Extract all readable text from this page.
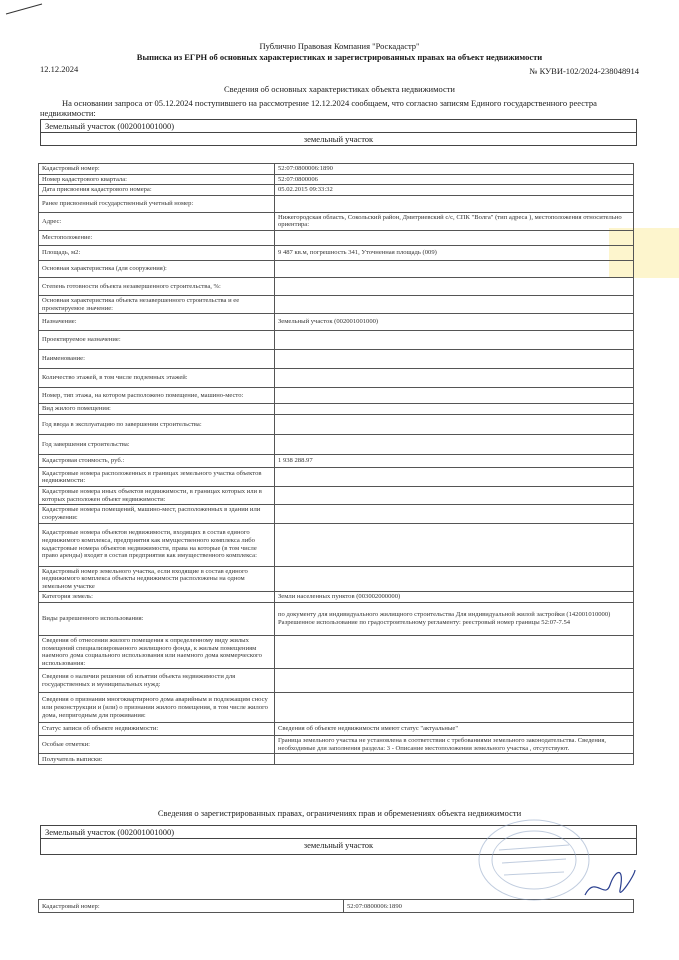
Публично Правовая Компания "Роскадастр"
Выписка из ЕГРН об основных характеристиках и зарегистрированных правах на объект недвижимости
12.12.2024	№ КУВИ-102/2024-238048914
Сведения об основных характеристиках объекта недвижимости
На основании запроса от 05.12.2024 поступившего на рассмотрение 12.12.2024 сообщаем, что согласно записям Единого государственного реестра недвижимости:
Земельный участок (002001001000)
земельный участок
Кадастровый номер:	52:07:0800006:1890
Номер кадастрового квартала:	52:07:0800006
Дата присвоения кадастрового номера:	05.02.2015 09:33:32
Ранее присвоенный государственный учетный номер:	
Адрес:	Нижегородская область, Сокольский район, Дмитриевский с/с, СПК "Волга" (тип адреса ), местоположения относительно ориентира:
Местоположение:	
Площадь, м2:	9 487 кв.м, погрешность 341, Уточненная площадь (009)
Основная характеристика (для сооружения):	
Степень готовности объекта незавершенного строительства, %:	
Основная характеристика объекта незавершенного строительства и ее проектируемое значение:	
Назначение:	Земельный участок (002001001000)
Проектируемое назначение:	
Наименование:	
Количество этажей, в том числе подземных этажей:	
Номер, тип этажа, на котором расположено помещение, машино-место:	
Вид жилого помещения:	
Год ввода в эксплуатацию по завершении строительства:	
Год завершения строительства:	
Кадастровая стоимость, руб.:	1 938 288.97
Кадастровые номера расположенных в границах земельного участка объектов недвижимости:	
Кадастровые номера иных объектов недвижимости, в границах которых или в которых расположен объект недвижимости:	
Кадастровые номера помещений, машино-мест, расположенных в здании или сооружении:	
Кадастровые номера объектов недвижимости, входящих в состав единого недвижимого комплекса, предприятия как имущественного комплекса либо кадастровые номера объектов недвижимости, права на которые (в том числе право аренды) входят в состав предприятия как имущественного комплекса:	
Кадастровый номер земельного участка, если входящие в состав единого недвижимого комплекса объекты недвижимости расположены на одном земельном участке	
Категория земель:	Земли населенных пунктов (003002000000)
Виды разрешенного использования:	по документу для индивидуального жилищного строительства Для индивидуальной жилой застройки (142001010000)
Разрешенное использование по градостроительному регламенту: реестровый номер границы 52:07-7.54
Сведения об отнесении жилого помещения к определенному виду жилых помещений специализированного жилищного фонда, к жилым помещениям наемного дома социального использования или наемного дома коммерческого использования:	
Сведения о наличии решения об изъятии объекта недвижимости для государственных и муниципальных нужд:	
Сведения о признании многоквартирного дома аварийным и подлежащим сносу или реконструкции и (или) о признании жилого помещения, в том числе жилого дома, непригодным для проживания:	
Статус записи об объекте недвижимости:	Сведения об объекте недвижимости имеют статус "актуальные"
Особые отметки:	Граница земельного участка не установлена в соответствии с требованиями земельного законодательства. Сведения, необходимые для заполнения раздела: 3 - Описание местоположения земельного участка , отсутствуют.
Получатель выписки:	
Сведения о зарегистрированных правах, ограничениях прав и обременениях объекта недвижимости
Земельный участок (002001001000)
земельный участок
Кадастровый номер:	52:07:0800006:1890
